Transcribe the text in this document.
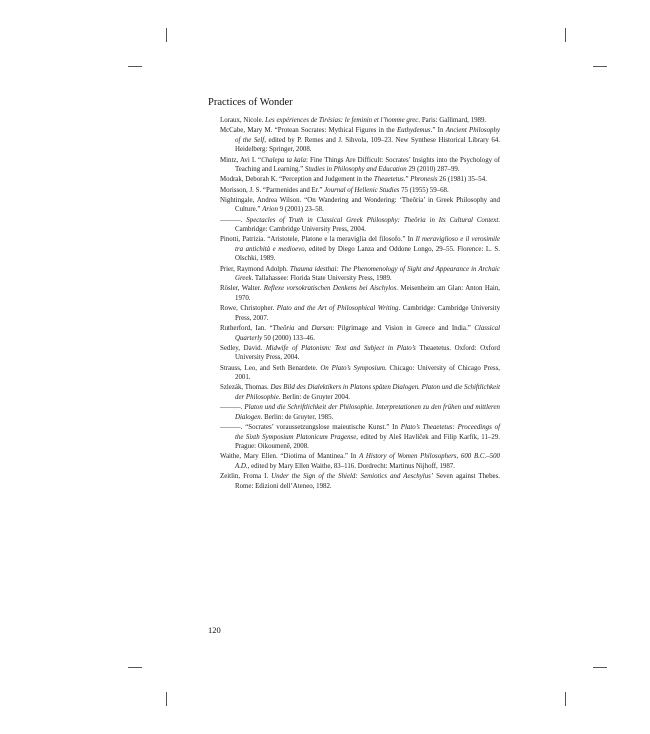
Practices of Wonder
Loraux, Nicole. Les expériences de Tirésias: le feminin et l’homme grec. Paris: Gallimard, 1989.
McCabe, Mary M. “Protean Socrates: Mythical Figures in the Euthydemus.” In Ancient Philosophy of the Self, edited by P. Remes and J. Sihvola, 109–23. New Synthese Historical Library 64. Heidelberg: Springer, 2008.
Mintz, Avi I. “Chalepa ta kala: Fine Things Are Difficult: Socrates’ Insights into the Psychology of Teaching and Learning.” Studies in Philosophy and Education 29 (2010) 287–99.
Modrak, Deborah K. “Perception and Judgement in the Theaetetus.” Phronesis 26 (1981) 35–54.
Morisson, J. S. “Parmenides and Er.” Journal of Hellenic Studies 75 (1955) 59–68.
Nightingale, Andrea Wilson. “On Wandering and Wondering: ‘Theôria’ in Greek Philosophy and Culture.” Arion 9 (2001) 23–58.
———. Spectacles of Truth in Classical Greek Philosophy: Theôria in Its Cultural Context. Cambridge: Cambridge University Press, 2004.
Pinotti, Patrizia. “Aristotele, Platone e la meraviglia del filosofo.” In Il meraviglioso e il verosimile tra antichità e medioevo, edited by Diego Lanza and Oddone Longo, 29–55. Florence: L. S. Olschki, 1989.
Prier, Raymond Adolph. Thauma idesthai: The Phenomenology of Sight and Appearance in Archaic Greek. Tallahassee: Florida State University Press, 1989.
Rösler, Walter. Reflexe vorsokratischen Denkens bei Aischylos. Meisenheim am Glan: Anton Hain, 1970.
Rowe, Christopher. Plato and the Art of Philosophical Writing. Cambridge: Cambridge University Press, 2007.
Rutherford, Ian. “Theôria and Darsan: Pilgrimage and Vision in Greece and India.” Classical Quarterly 50 (2000) 133–46.
Sedley, David. Midwife of Platonism: Text and Subject in Plato’s Theaetetus. Oxford: Oxford University Press, 2004.
Strauss, Leo, and Seth Benardete. On Plato’s Symposium. Chicago: University of Chicago Press, 2001.
Szlezák, Thomas. Das Bild des Dialektikers in Platons späten Dialogen. Platon und die Schiftlichkeit der Philosophie. Berlin: de Gruyter 2004.
———. Platon und die Schriftlichkeit der Philosophie. Interpretationen zu den frühen und mittleren Dialogen. Berlin: de Gruyter, 1985.
———. “Socrates’ voraussetzungslose maieutische Kunst.” In Plato’s Theaetetus: Proceedings of the Sixth Symposium Platonicum Pragense, edited by Aleš Havlíček and Filip Karfík, 11–29. Prague: Oikoumenē, 2008.
Waithe, Mary Ellen. “Diotima of Mantinea.” In A History of Women Philosophers, 600 B.C.–500 A.D., edited by Mary Ellen Waithe, 83–116. Dordrecht: Martinus Nijhoff, 1987.
Zeitlin, Froma I. Under the Sign of the Shield: Semiotics and Aeschylus’ Seven against Thebes. Rome: Edizioni dell’Ateneo, 1982.
120
